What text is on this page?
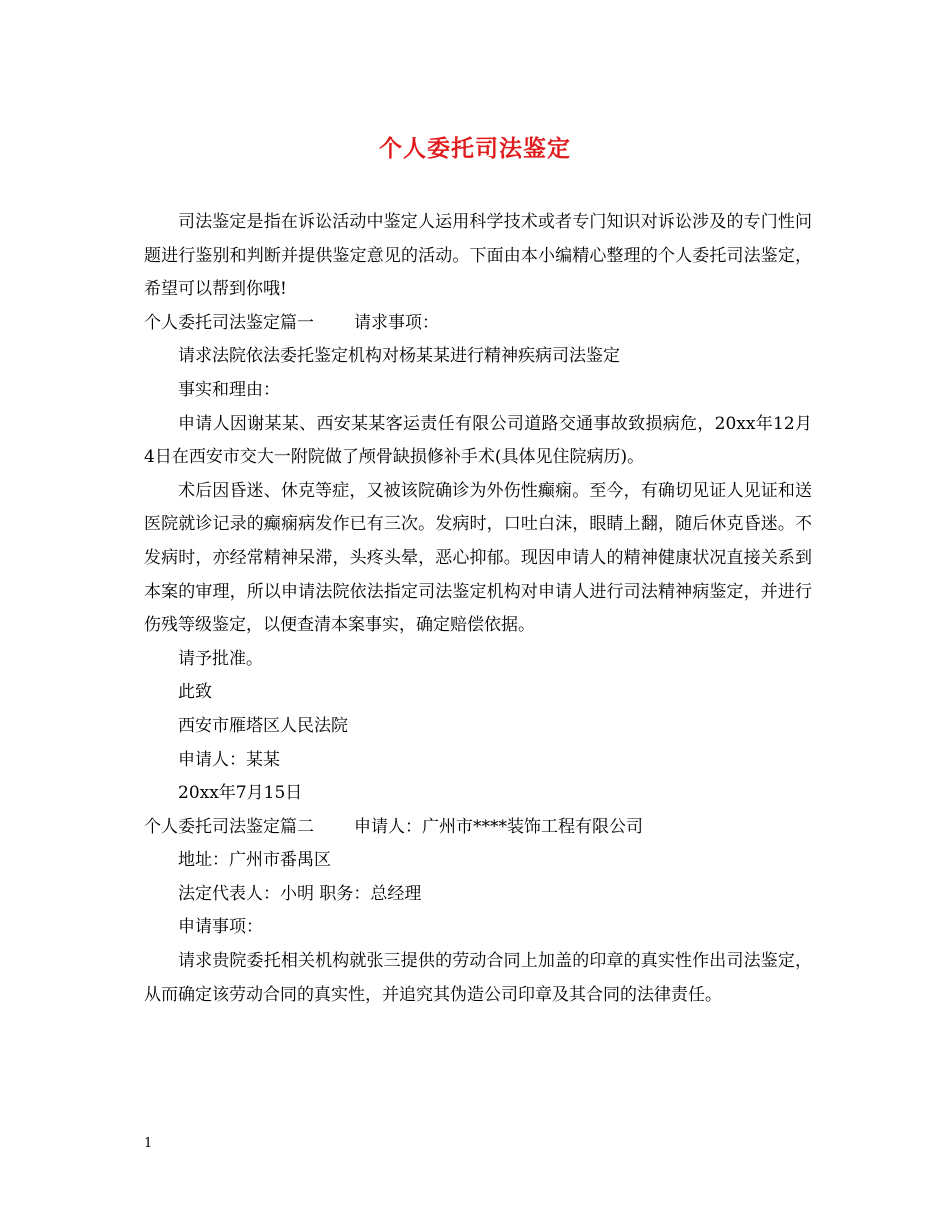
个人委托司法鉴定

司法鉴定是指在诉讼活动中鉴定人运用科学技术或者专门知识对诉讼涉及的专门性问题进行鉴别和判断并提供鉴定意见的活动。下面由本小编精心整理的个人委托司法鉴定，希望可以帮到你哦!

个人委托司法鉴定篇一 请求事项：

请求法院依法委托鉴定机构对杨某某进行精神疾病司法鉴定

事实和理由：

申请人因谢某某、西安某某客运责任有限公司道路交通事故致损病危，20xx年12月4日在西安市交大一附院做了颅骨缺损修补手术(具体见住院病历)。

术后因昏迷、休克等症，又被该院确诊为外伤性癫痫。至今，有确切见证人见证和送医院就诊记录的癫痫病发作已有三次。发病时，口吐白沫，眼睛上翻，随后休克昏迷。不发病时，亦经常精神呆滞，头疼头晕，恶心抑郁。现因申请人的精神健康状况直接关系到本案的审理，所以申请法院依法指定司法鉴定机构对申请人进行司法精神病鉴定，并进行伤残等级鉴定，以便查清本案事实，确定赔偿依据。

请予批准。

此致

西安市雁塔区人民法院

申请人：某某

20xx年7月15日

个人委托司法鉴定篇二 申请人：广州市****装饰工程有限公司

地址：广州市番禺区

法定代表人：小明 职务：总经理

申请事项：

请求贵院委托相关机构就张三提供的劳动合同上加盖的印章的真实性作出司法鉴定，从而确定该劳动合同的真实性，并追究其伪造公司印章及其合同的法律责任。

1
